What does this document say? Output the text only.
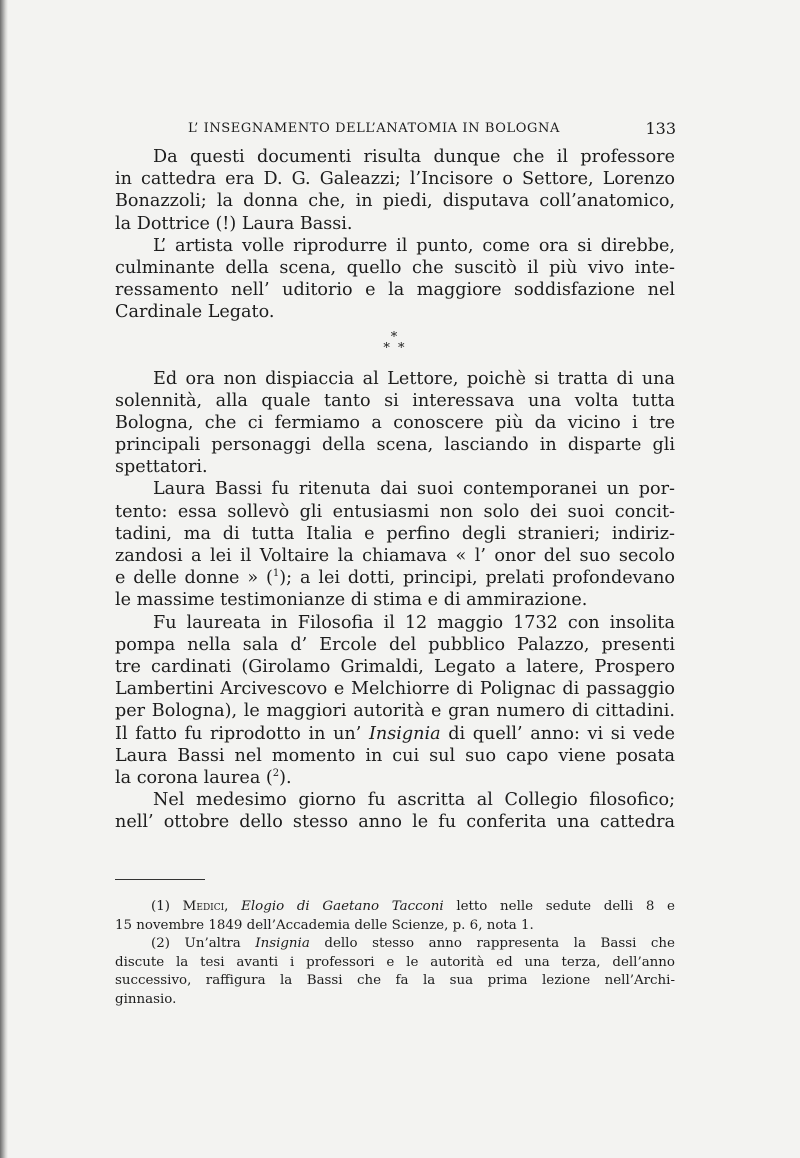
L’ INSEGNAMENTO DELL’ANATOMIA IN BOLOGNA	133
Da questi documenti risulta dunque che il professore
in cattedra era D. G. Galeazzi; l’Incisore o Settore, Lorenzo
Bonazzoli; la donna che, in piedi, disputava coll’anatomico,
la Dottrice (!) Laura Bassi.
L’ artista volle riprodurre il punto, come ora si direbbe,
culminante della scena, quello che suscitò il più vivo inte-
ressamento nell’ uditorio e la maggiore soddisfazione nel
Cardinale Legato.
*
* *
Ed ora non dispiaccia al Lettore, poichè si tratta di una
solennità, alla quale tanto si interessava una volta tutta
Bologna, che ci fermiamo a conoscere più da vicino i tre
principali personaggi della scena, lasciando in disparte gli
spettatori.
Laura Bassi fu ritenuta dai suoi contemporanei un por-
tento: essa sollevò gli entusiasmi non solo dei suoi concit-
tadini, ma di tutta Italia e perfino degli stranieri; indiriz-
zandosi a lei il Voltaire la chiamava « l’ onor del suo secolo
e delle donne » ($^1$); a lei dotti, principi, prelati profondevano
le massime testimonianze di stima e di ammirazione.
Fu laureata in Filosofia il 12 maggio 1732 con insolita
pompa nella sala d’ Ercole del pubblico Palazzo, presenti
tre cardinati (Girolamo Grimaldi, Legato a latere, Prospero
Lambertini Arcivescovo e Melchiorre di Polignac di passaggio
per Bologna), le maggiori autorità e gran numero di cittadini.
Il fatto fu riprodotto in un’ Insignia di quell’ anno: vi si vede
Laura Bassi nel momento in cui sul suo capo viene posata
la corona laurea ($^2$).
Nel medesimo giorno fu ascritta al Collegio filosofico;
nell’ ottobre dello stesso anno le fu conferita una cattedra
(1) Medici, Elogio di Gaetano Tacconi letto nelle sedute delli 8 e
15 novembre 1849 dell’Accademia delle Scienze, p. 6, nota 1.
(2) Un’altra Insignia dello stesso anno rappresenta la Bassi che
discute la tesi avanti i professori e le autorità ed una terza, dell’anno
successivo, raffigura la Bassi che fa la sua prima lezione nell’Archi-
ginnasio.
